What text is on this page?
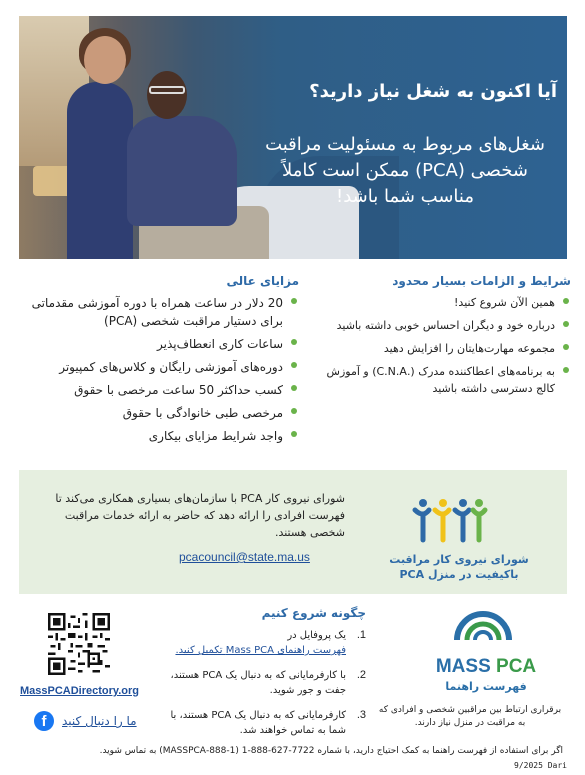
آیا اکنون به شغل نیاز دارید؟
شغل‌های مربوط به مسئولیت مراقبت شخصی (PCA) ممکن است کاملاً مناسب شما باشد!
مزایای عالی
20 دلار در ساعت همراه با دوره آموزشی مقدماتی برای دستیار مراقبت شخصی (PCA)
ساعات کاری انعطاف‌پذیر
دوره‌های آموزشی رایگان و کلاس‌های کمپیوتر
کسب حداکثر 50 ساعت مرخصی با حقوق
مرخصی طبی خانوادگی با حقوق
واجد شرایط مزایای بیکاری
شرایط و الزامات بسیار محدود
همین الآن شروع کنید!
درباره خود و دیگران احساس خوبی داشته باشید
مجموعه مهارت‌هایتان را افزایش دهید
به برنامه‌های اعطاکننده مدرک (.C.N.A) و آموزش کالج دسترسی داشته باشید
شورای نیروی کار PCA با سازمان‌های بسیاری همکاری می‌کند تا فهرست افرادی را ارائه دهد که حاضر به ارائه خدمات مراقبت شخصی هستند.
pcacouncil@state.ma.us	شورای نیروی کار مراقبت باکیفیت در منزل PCA
MassPCADirectory.org
f	ما را دنبال کنید
چگونه شروع کنیم
1.
یک پروفایل در
فهرست راهنمای Mass PCA تکمیل کنید.
2.
با کارفرمایانی که به دنبال یک PCA هستند، جفت و جور شوید.
3.
کارفرمایانی که به دنبال یک PCA هستند، با شما به تماس خواهند شد.
MASS PCA
فهرست راهنما
برقراری ارتباط بین مراقبین شخصی و افرادی که به مراقبت در منزل نیاز دارند.
اگر برای استفاده از فهرست راهنما به کمک احتیاج دارید، با شماره 7722-627-888-1 (1-888-MASSPCA) به تماس شوید.
9/2025 Dari
